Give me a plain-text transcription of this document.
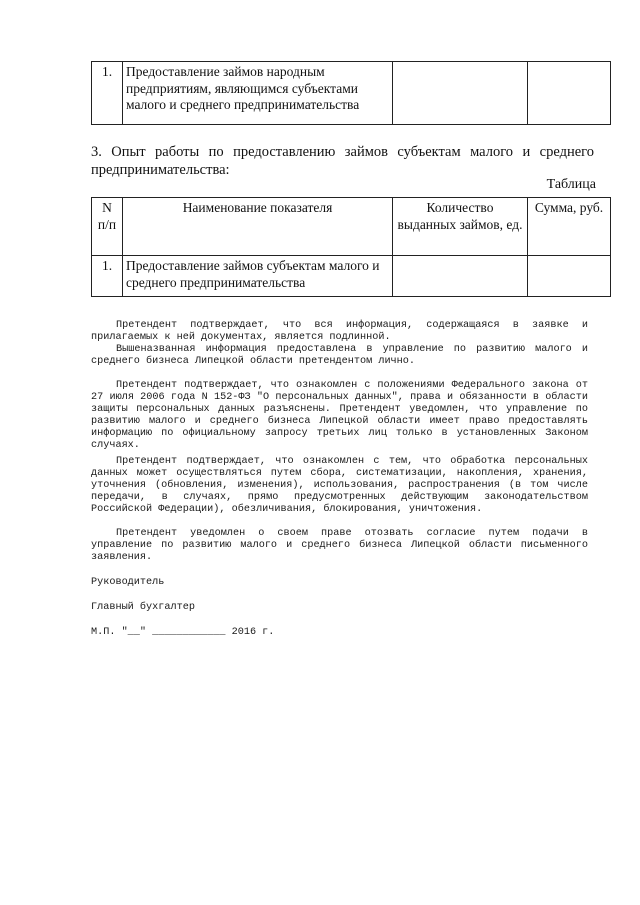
1.	Предоставление займов народным предприятиям, являющимся субъектами малого и среднего предпринимательства		
3. Опыт работы по предоставлению займов субъектам малого и среднего предпринимательства:
Таблица
N п/п	Наименование показателя	Количество выданных займов, ед.	Сумма, руб.
1.	Предоставление займов субъектам малого и среднего предпринимательства		

Претендент подтверждает, что вся информация, содержащаяся в заявке и прилагаемых к ней документах, является подлинной.

Вышеназванная информация предоставлена в управление по развитию малого и среднего бизнеса Липецкой области претендентом лично.

Претендент подтверждает, что ознакомлен с положениями Федерального закона от 27 июля 2006 года N 152-ФЗ "О персональных данных", права и обязанности в области защиты персональных данных разъяснены. Претендент уведомлен, что управление по развитию малого и среднего бизнеса Липецкой области имеет право предоставлять информацию по официальному запросу третьих лиц только в установленных Законом случаях.

Претендент подтверждает, что ознакомлен с тем, что обработка персональных данных может осуществляться путем сбора, систематизации, накопления, хранения, уточнения (обновления, изменения), использования, распространения (в том числе передачи, в случаях, прямо предусмотренных действующим законодательством Российской Федерации), обезличивания, блокирования, уничтожения.

Претендент уведомлен о своем праве отозвать согласие путем подачи в управление по развитию малого и среднего бизнеса Липецкой области письменного заявления.

Руководитель

Главный бухгалтер

М.П. "__" ____________ 2016 г.
